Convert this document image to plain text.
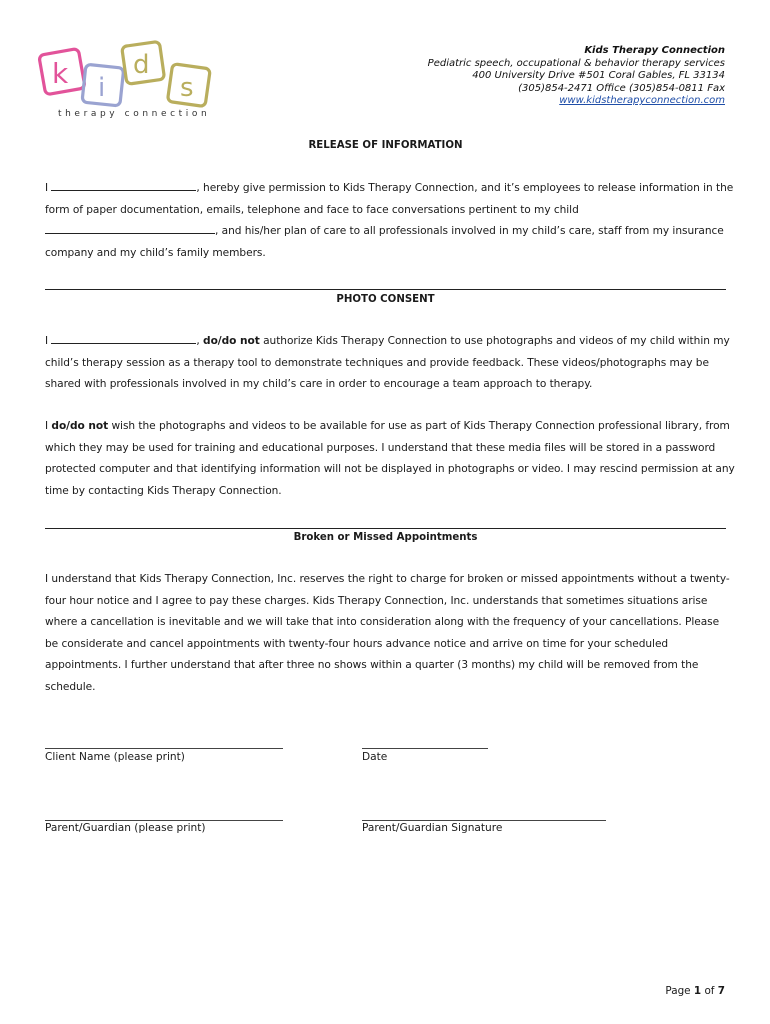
k i
d
s
therapy connection
Kids Therapy Connection
Pediatric speech, occupational & behavior therapy services
400 University Drive #501 Coral Gables, FL 33134
(305)854-2471 Office (305)854-0811 Fax
www.kidstherapyconnection.com
RELEASE OF INFORMATION
I	, hereby give permission to Kids Therapy Connection, and it’s employees to release information in the form of paper documentation, emails, telephone and face to face conversations pertinent to my child , and his/her plan of care to all professionals involved in my child’s care, staff from my insurance company and my child’s family members.
PHOTO CONSENT
I	, do/do not authorize Kids Therapy Connection to use photographs and videos of my child within my child’s therapy session as a therapy tool to demonstrate techniques and provide feedback. These videos/photographs may be shared with professionals involved in my child’s care in order to encourage a team approach to therapy.
I do/do not wish the photographs and videos to be available for use as part of Kids Therapy Connection professional library, from which they may be used for training and educational purposes. I understand that these media files will be stored in a password protected computer and that identifying information will not be displayed in photographs or video. I may rescind permission at any time by contacting Kids Therapy Connection.
Broken or Missed Appointments
I understand that Kids Therapy Connection, Inc. reserves the right to charge for broken or missed appointments without a twenty-four hour notice and I agree to pay these charges. Kids Therapy Connection, Inc. understands that sometimes situations arise where a cancellation is inevitable and we will take that into consideration along with the frequency of your cancellations. Please be considerate and cancel appointments with twenty-four hours advance notice and arrive on time for your scheduled appointments. I further understand that after three no shows within a quarter (3 months) my child will be removed from the schedule.
Client Name (please print)	Date
Parent/Guardian (please print)	Parent/Guardian Signature
Page 1 of 7
